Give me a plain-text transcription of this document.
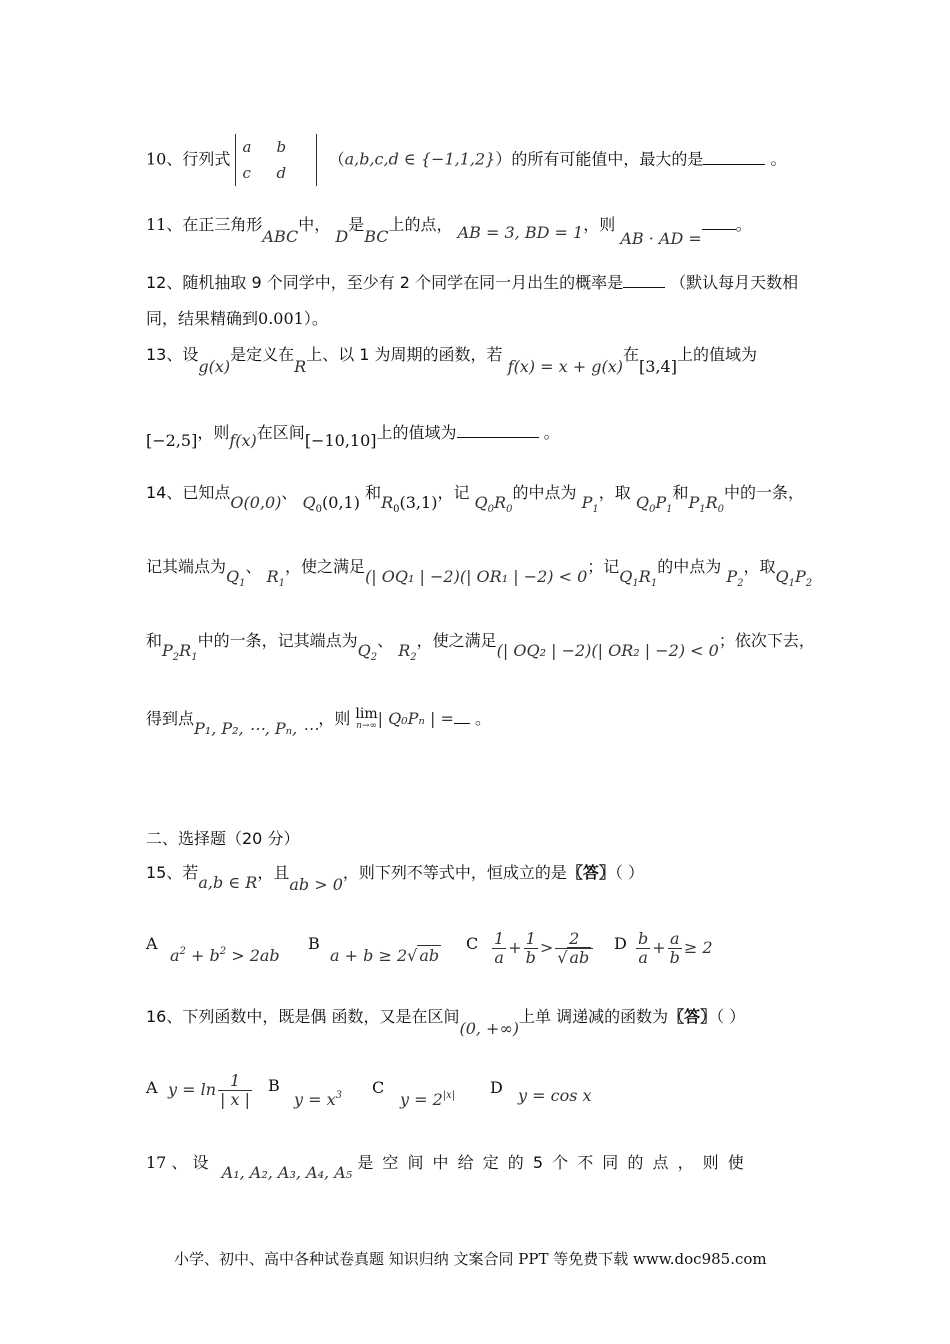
10、行列式
a b
c d
（a,b,c,d ∈ {−1,1,2}）的所有可能值中，最大的是	。
11、在正三角形ABC中， D是BC上的点， AB = 3, BD = 1，则 AB · AD =。
12、随机抽取 9 个同学中，至少有 2 个同学在同一月出生的概率是	（默认每月天数相
同，结果精确到0.001）。
13、设g(x)是定义在R上、以 1 为周期的函数，若 f(x) = x + g(x)在[3,4]上的值域为
[−2,5]，则f(x)在区间[−10,10]上的值域为	。
14、已知点O(0,0)、 $Q_0(0,1)$ 和$R_0(3,1)$，记 $Q_0R_0$的中点为 $P_1$，取 $Q_0P_1$和$P_1R_0$中的一条，
记其端点为$Q_1$、 $R_1$，使之满足(| OQ₁ | −2)(| OR₁ | −2) < 0；记$Q_1R_1$的中点为 $P_2$，取$Q_1P_2$
和$P_2R_1$中的一条，记其端点为$Q_2$、 $R_2$，使之满足(| OQ₂ | −2)(| OR₂ | −2) < 0；依次下去，
得到点P₁, P₂, ⋯, Pₙ, ⋯，则 lim
n→∞ | Q₀Pₙ | = 。
二、选择题（20 分）
15、若a,b ∈ R，且ab > 0，则下列不等式中，恒成立的是〖答〗（ ）
A
$a^2 + b^2 > 2ab$
B
a + b ≥ 2√ ab
C $\frac{1}{a} + \frac{1}{b} > \frac{2}{√ ab}$ D $\frac{b}{a} + \frac{a}{b} \ge 2$
16、下列函数中，既是偶 函数，又是在区间(0, +∞)上单 调递减的函数为〖答〗（ ）
A $y = \ln \frac{1}{| x |}$ B
$y = x^3$ C
$y = 2^{|x|}$ D y = cos x
17 、 设 A₁, A₂, A₃, A₄, A₅ 是 空 间 中 给 定 的 5 个 不 同 的 点 ， 则 使
小学、初中、高中各种试卷真题 知识归纳 文案合同 PPT 等免费下载 www.doc985.com
